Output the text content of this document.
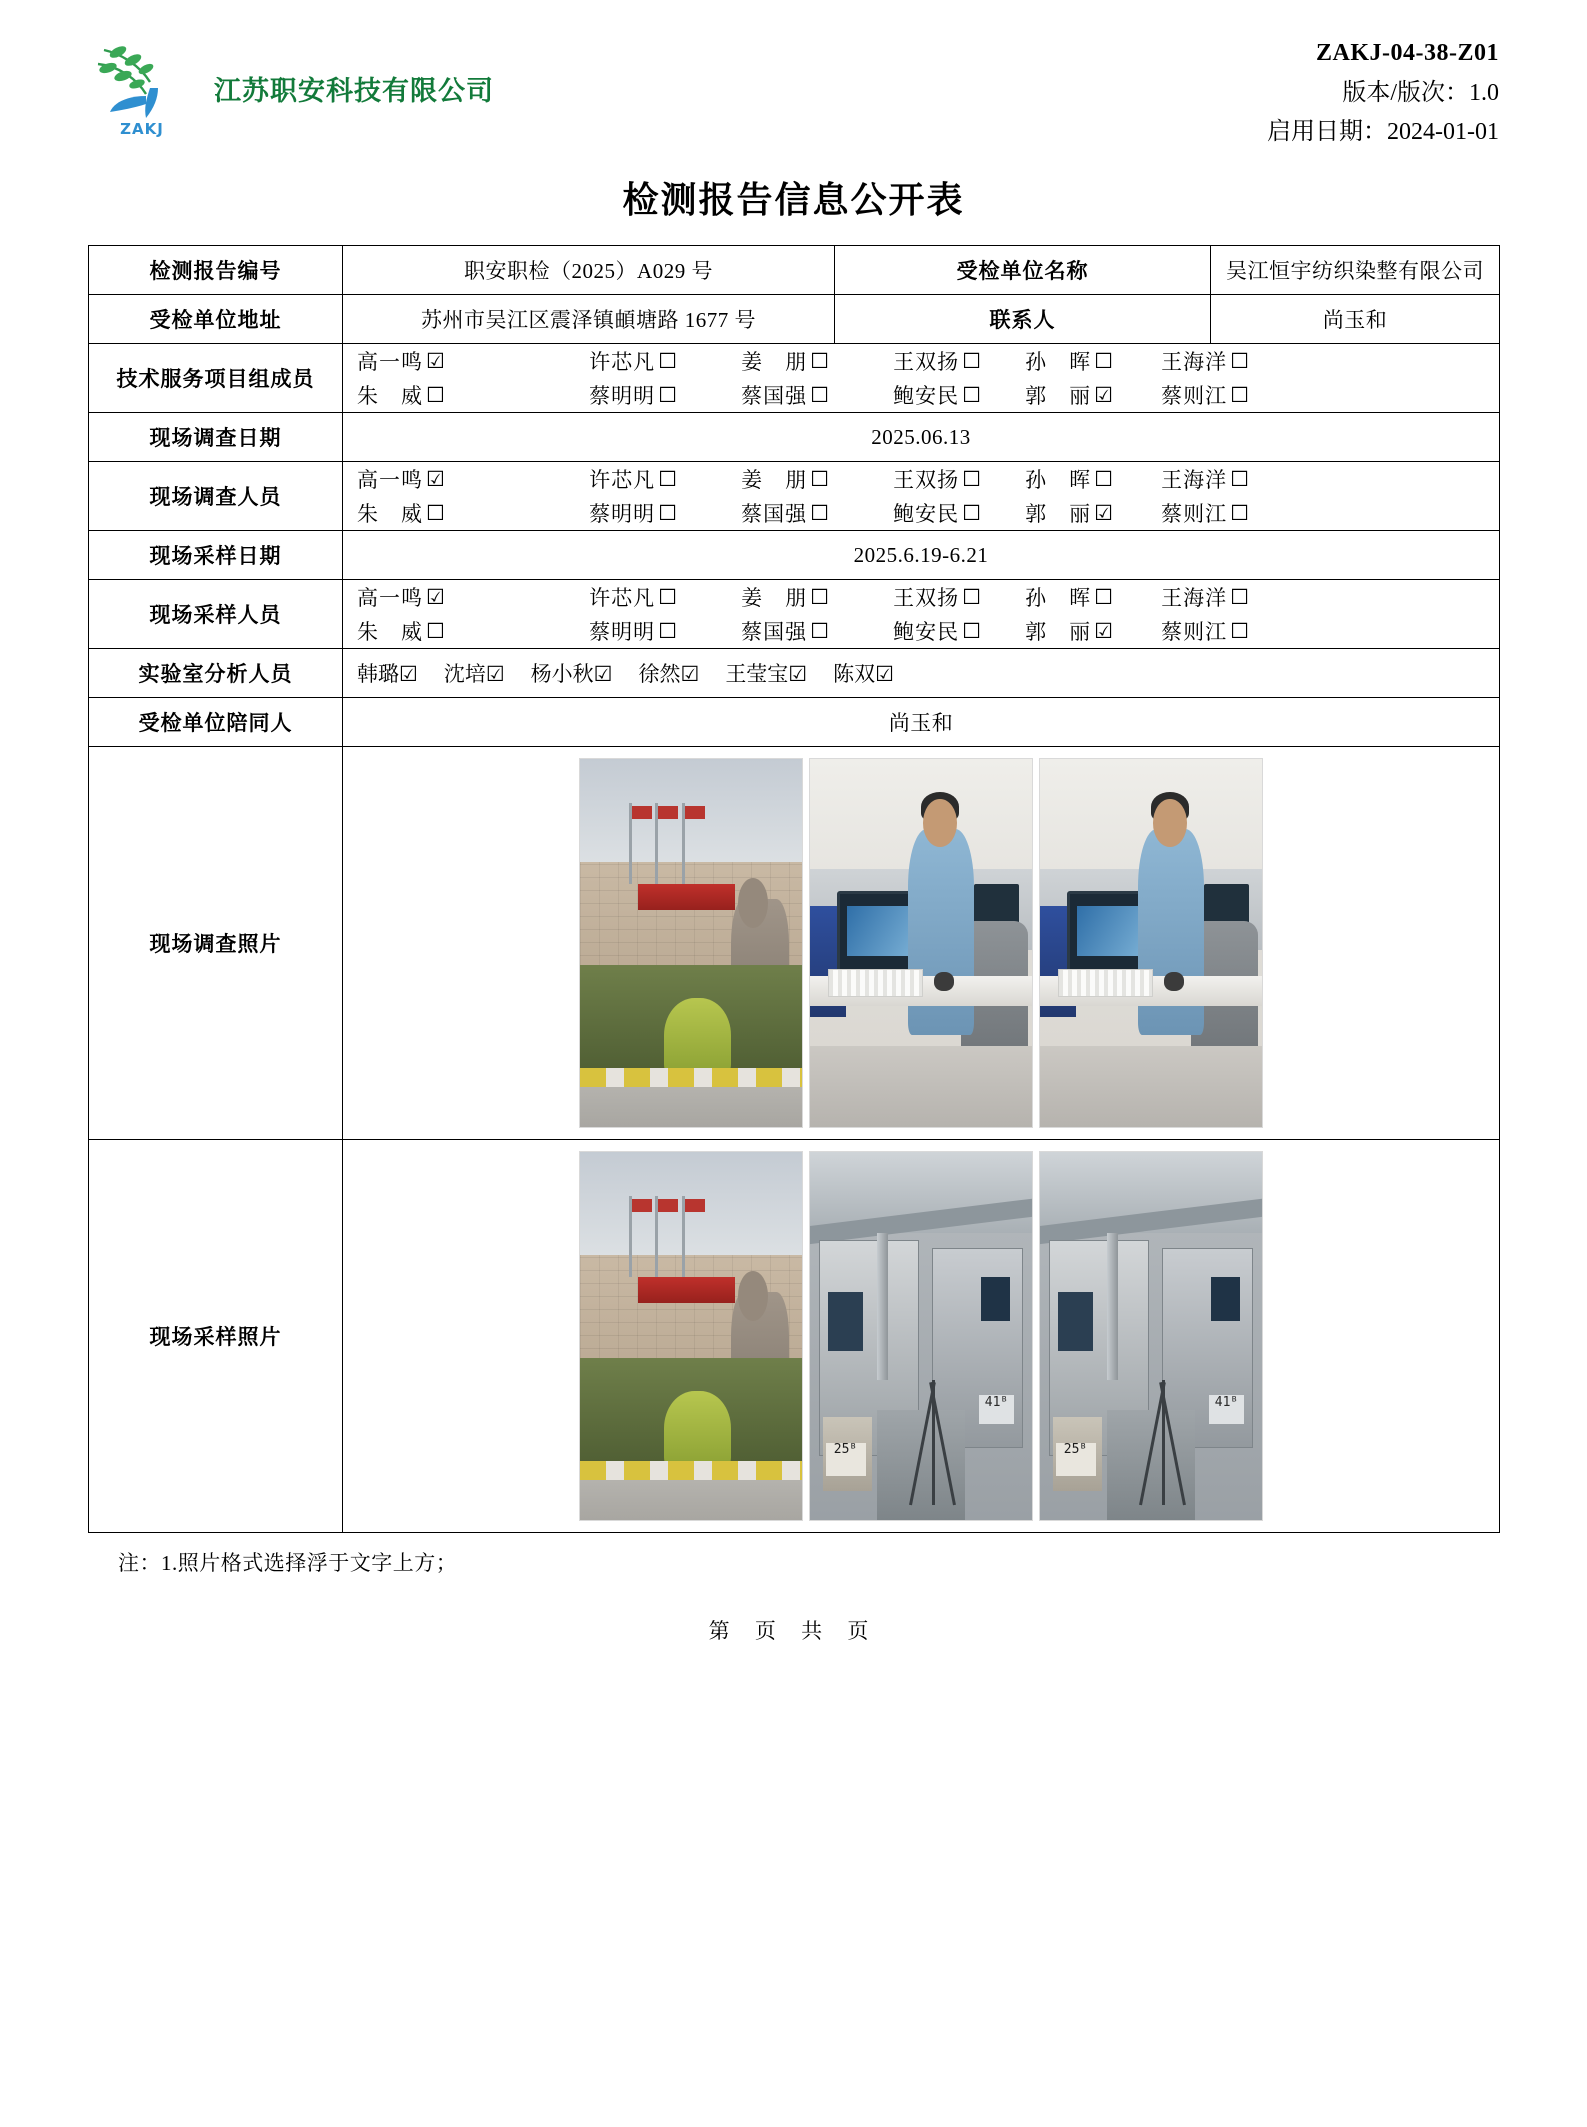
ZAKJ
江苏职安科技有限公司
ZAKJ-04-38-Z01
版本/版次：1.0
启用日期：2024-01-01
检测报告信息公开表
检测报告编号	职安职检（2025）A029 号	受检单位名称	吴江恒宇纺织染整有限公司
受检单位地址	苏州市吴江区震泽镇頔塘路 1677 号	联系人	尚玉和
技术服务项目组成员	
高一鸣 ☑	许芯凡 ☐	姜　朋 ☐	王双扬 ☐ 孙　晖 ☐ 王海洋 ☐
朱　威 ☐	蔡明明 ☐	蔡国强 ☐	鲍安民 ☐ 郭　丽 ☑ 蔡则江 ☐

现场调查日期	2025.06.13		
现场调查人员	
高一鸣 ☑	许芯凡 ☐	姜　朋 ☐	王双扬 ☐ 孙　晖 ☐ 王海洋 ☐
朱　威 ☐	蔡明明 ☐	蔡国强 ☐	鲍安民 ☐ 郭　丽 ☑ 蔡则江 ☐

现场采样日期	2025.6.19-6.21		
现场采样人员	
高一鸣 ☑	许芯凡 ☐	姜　朋 ☐	王双扬 ☐ 孙　晖 ☐ 王海洋 ☐
朱　威 ☐	蔡明明 ☐	蔡国强 ☐	鲍安民 ☐ 郭　丽 ☑ 蔡则江 ☐

实验室分析人员	韩璐☑ 沈培☑ 杨小秋☑ 徐然☑ 王莹宝☑ 陈双☑

受检单位陪同人	尚玉和		
现场调查照片			

现场采样照片	25ᴮ
41ᴮ
25ᴮ
41ᴮ		
注：1.照片格式选择浮于文字上方；
第 页 共 页
